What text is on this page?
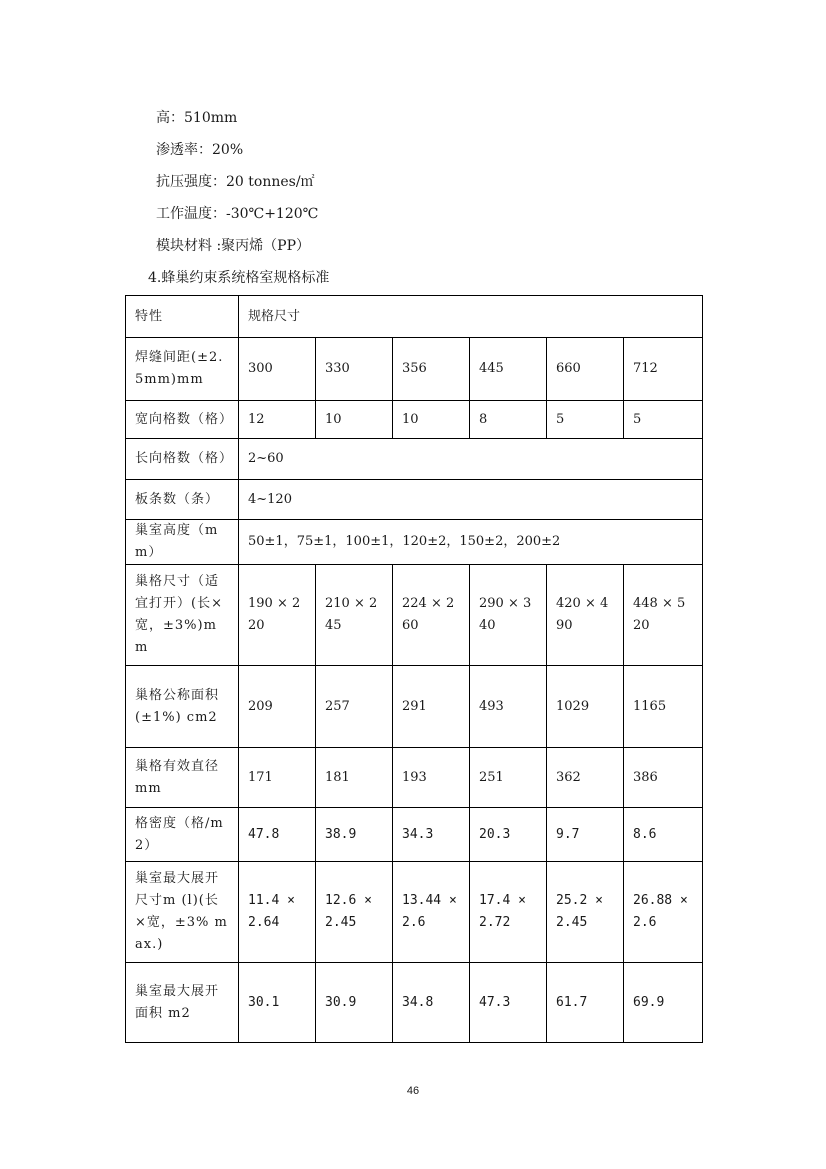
高：510mm
渗透率：20%
抗压强度：20 tonnes/㎡
工作温度：-30℃+120℃
模块材料 :聚丙烯（PP）
4.蜂巢约束系统格室规格标准
特性	规格尺寸					
焊缝间距(±2.5mm)mm	300	330	356	445	660	712
宽向格数（格）	12	10	10	8	5	5
长向格数（格）	2~60					
板条数（条）	4~120					
巢室高度（mm）	50±1，75±1，100±1，120±2，150±2，200±2					
巢格尺寸（适宜打开）(长×宽，±3%)mm	190 × 220	210 × 245	224 × 260	290 × 340	420 × 490	448 × 520
巢格公称面积(±1%) cm2	209	257	291	493	1029	1165
巢格有效直径 mm	171	181	193	251	362	386
格密度（格/m2）	47.8	38.9	34.3	20.3	9.7	8.6
巢室最大展开尺寸m (l)(长×宽，±3% max.)	11.4 × 2.64	12.6 × 2.45	13.44 × 2.6	17.4 × 2.72	25.2 × 2.45	26.88 × 2.6
巢室最大展开面积 m2	30.1	30.9	34.8	47.3	61.7	69.9
46
